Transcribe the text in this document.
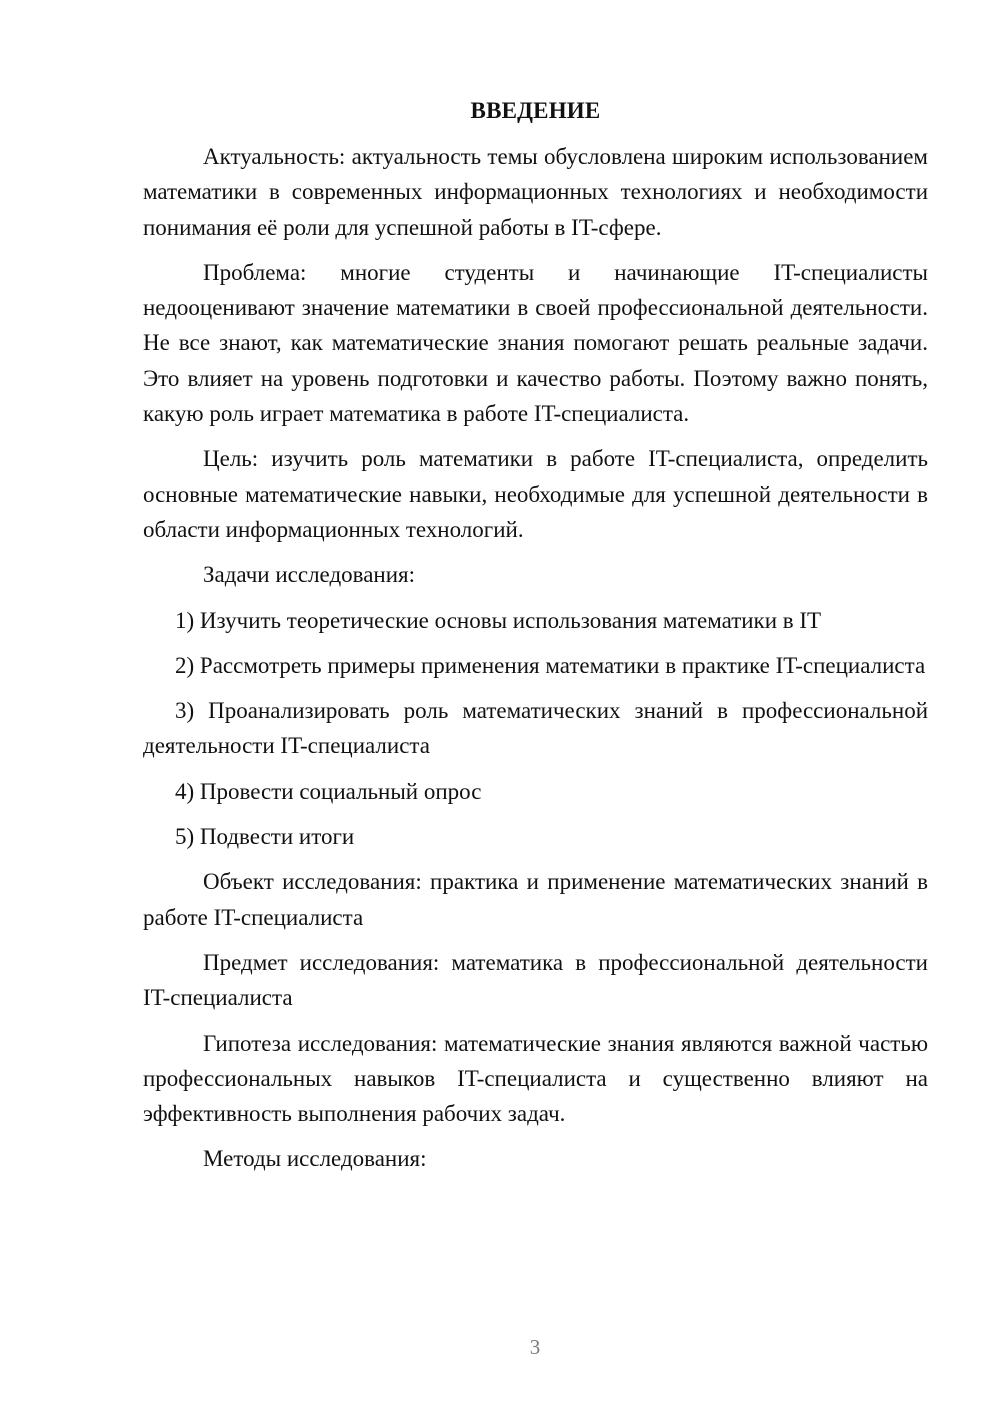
ВВЕДЕНИЕ

Актуальность: актуальность темы обусловлена широким использованием математики в современных информационных технологиях и необходимости понимания её роли для успешной работы в IT-сфере.

Проблема: многие студенты и начинающие IT-специалисты недооценивают значение математики в своей профессиональной деятельности. Не все знают, как математические знания помогают решать реальные задачи. Это влияет на уровень подготовки и качество работы. Поэтому важно понять, какую роль играет математика в работе IT-специалиста.

Цель: изучить роль математики в работе IT-специалиста, определить основные математические навыки, необходимые для успешной деятельности в области информационных технологий.

Задачи исследования:

1) Изучить теоретические основы использования математики в IT

2) Рассмотреть примеры применения математики в практике IT-специалиста

3) Проанализировать роль математических знаний в профессиональной деятельности IT-специалиста

4) Провести социальный опрос

5) Подвести итоги

Объект исследования: практика и применение математических знаний в работе IT-специалиста

Предмет исследования: математика в профессиональной деятельности IT-специалиста

Гипотеза исследования: математические знания являются важной частью профессиональных навыков IT-специалиста и существенно влияют на эффективность выполнения рабочих задач.

Методы исследования:

3
